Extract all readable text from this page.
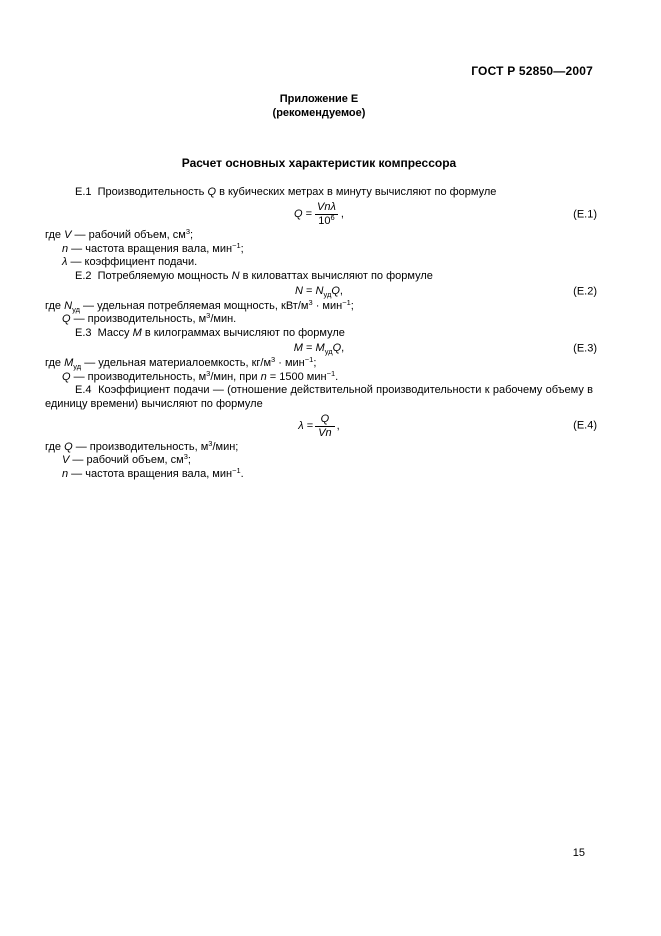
ГОСТ Р 52850—2007
Приложение Е
(рекомендуемое)
Расчет основных характеристик компрессора

Е.1  Производительность Q в кубических метрах в минуту вычисляют по формуле

$Q = \frac{\text{Vnλ}}{10^6}$ ,	(Е.1)
где V — рабочий объем, $см^3$;
n — частота вращения вала, мин$^{-1}$;
λ — коэффициент подачи.

Е.2  Потребляемую мощность N в киловаттах вычисляют по формуле

$N = N_{уд}Q$,	(Е.2)
где $N_{уд}$ — удельная потребляемая мощность, кВт/$м^3 \cdot мин^{-1}$;
Q — производительность, $м^3$/мин.

Е.3  Массу M в килограммах вычисляют по формуле

$M = M_{уд}Q$,	(Е.3)
где $M_{уд}$ — удельная материалоемкость, $кг/м^3 \cdot мин^{-1}$;
Q — производительность, $м^3$/мин, при n = 1500 мин$^{-1}$.

Е.4  Коэффициент подачи — (отношение действительной производительности к рабочему объему в единицу времени) вычисляют по формуле

$\lambda = \frac{Q}{Vn}$ ,	(Е.4)
где Q — производительность, $м^3$/мин;
V — рабочий объем, $см^3$;
n — частота вращения вала, мин$^{-1}$.
15
